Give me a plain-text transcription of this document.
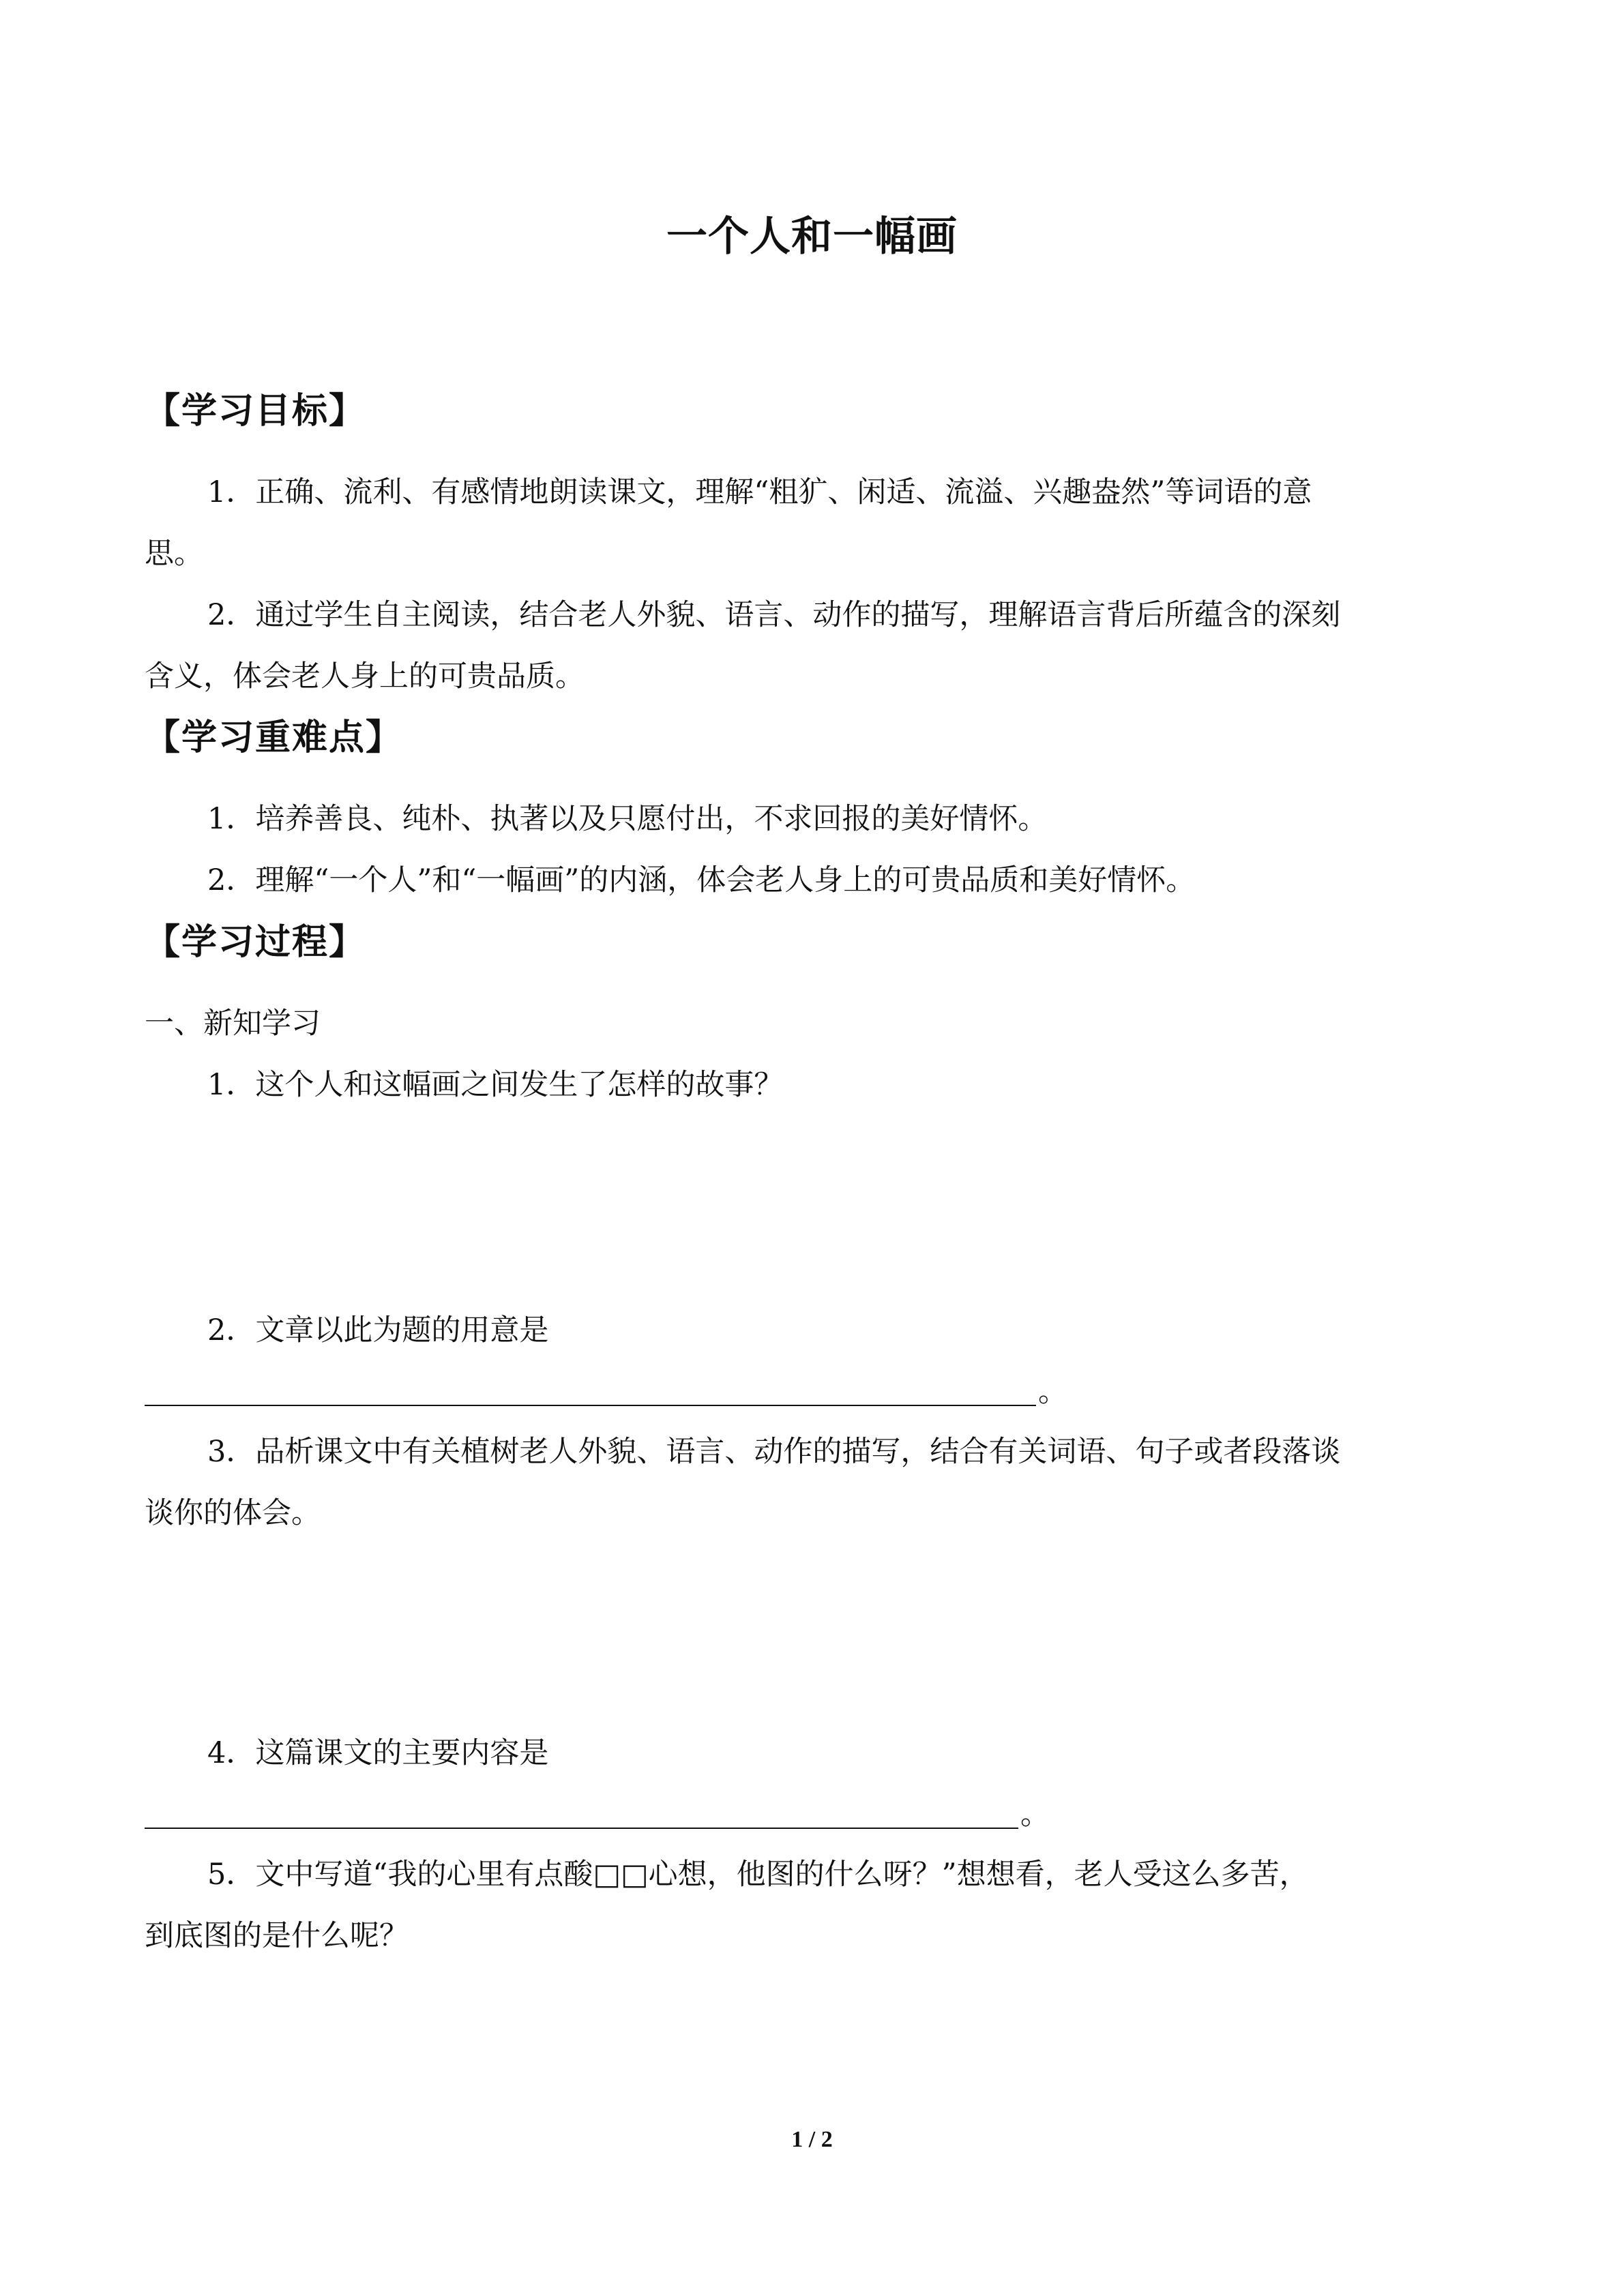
一个人和一幅画
【学习目标】
1．正确、流利、有感情地朗读课文，理解“粗犷、闲适、流溢、兴趣盎然”等词语的意
思。
2．通过学生自主阅读，结合老人外貌、语言、动作的描写，理解语言背后所蕴含的深刻
含义，体会老人身上的可贵品质。
【学习重难点】
1．培养善良、纯朴、执著以及只愿付出，不求回报的美好情怀。
2．理解“一个人”和“一幅画”的内涵，体会老人身上的可贵品质和美好情怀。
【学习过程】
一、新知学习
1．这个人和这幅画之间发生了怎样的故事？
2．文章以此为题的用意是
。
3．品析课文中有关植树老人外貌、语言、动作的描写，结合有关词语、句子或者段落谈
谈你的体会。
4．这篇课文的主要内容是
。
5．文中写道“我的心里有点酸□□心想，他图的什么呀？”想想看，老人受这么多苦，
到底图的是什么呢？
1 / 2
